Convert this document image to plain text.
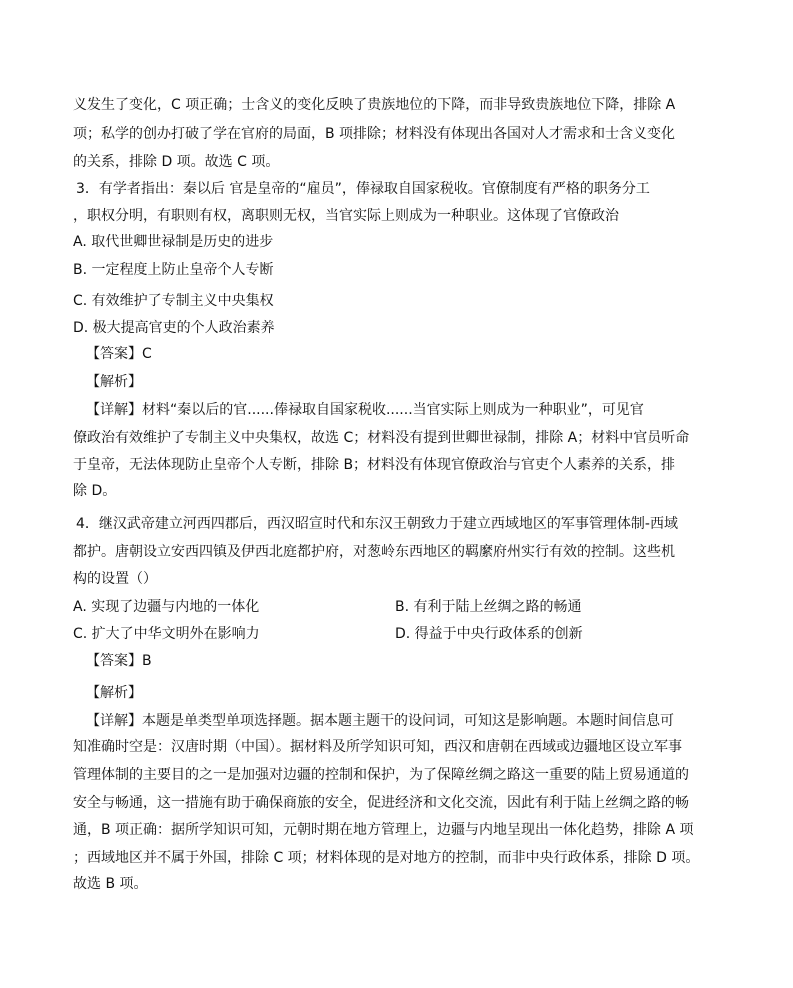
义发生了变化，C 项正确；士含义的变化反映了贵族地位的下降，而非导致贵族地位下降，排除 A
项；私学的创办打破了学在官府的局面，B 项排除；材料没有体现出各国对人才需求和士含义变化
的关系，排除 D 项。故选 C 项。
3．有学者指出：秦以后 官是皇帝的“雇员”，俸禄取自国家税收。官僚制度有严格的职务分工
，职权分明，有职则有权，离职则无权，当官实际上则成为一种职业。这体现了官僚政治
A. 取代世卿世禄制是历史的进步
B. 一定程度上防止皇帝个人专断
C. 有效维护了专制主义中央集权
D. 极大提高官吏的个人政治素养
【答案】C
【解析】
【详解】材料“秦以后的官......俸禄取自国家税收......当官实际上则成为一种职业”，可见官
僚政治有效维护了专制主义中央集权，故选 C；材料没有提到世卿世禄制，排除 A；材料中官员听命
于皇帝，无法体现防止皇帝个人专断，排除 B；材料没有体现官僚政治与官吏个人素养的关系，排
除 D。
4．继汉武帝建立河西四郡后，西汉昭宣时代和东汉王朝致力于建立西域地区的军事管理体制-西域
都护。唐朝设立安西四镇及伊西北庭都护府，对葱岭东西地区的羁縻府州实行有效的控制。这些机
构的设置（）
A. 实现了边疆与内地的一体化	B. 有利于陆上丝绸之路的畅通
C. 扩大了中华文明外在影响力	D. 得益于中央行政体系的创新
【答案】B
【解析】
【详解】本题是单类型单项选择题。据本题主题干的设问词，可知这是影响题。本题时间信息可
知准确时空是：汉唐时期（中国）。据材料及所学知识可知，西汉和唐朝在西域或边疆地区设立军事
管理体制的主要目的之一是加强对边疆的控制和保护，为了保障丝绸之路这一重要的陆上贸易通道的
安全与畅通，这一措施有助于确保商旅的安全，促进经济和文化交流，因此有利于陆上丝绸之路的畅
通，B 项正确：据所学知识可知，元朝时期在地方管理上，边疆与内地呈现出一体化趋势，排除 A 项
；西域地区并不属于外国，排除 C 项；材料体现的是对地方的控制，而非中央行政体系，排除 D 项。
故选 B 项。
